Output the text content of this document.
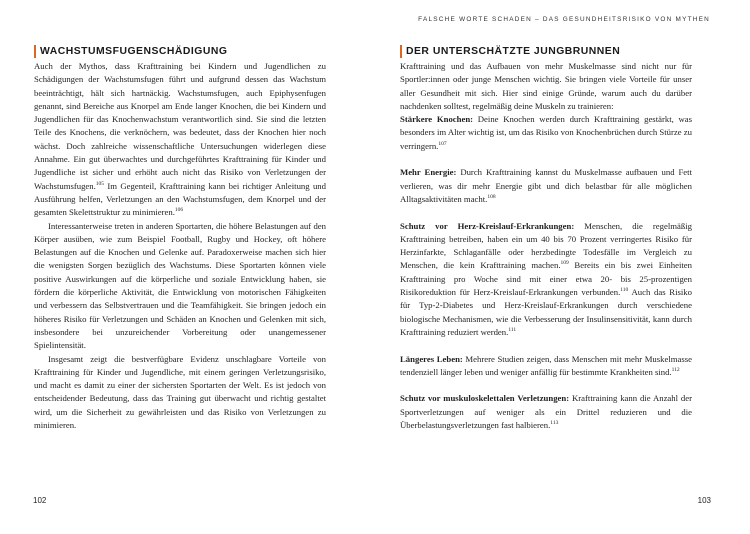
WACHSTUMSFUGENSCHÄDIGUNG

Auch der Mythos, dass Krafttraining bei Kindern und Jugendlichen zu Schädigungen der Wachstumsfugen führt und aufgrund dessen das Wachstum beeinträchtigt, hält sich hartnäckig. Wachstumsfugen, auch Epiphysenfugen genannt, sind Bereiche aus Knorpel am Ende langer Knochen, die bei Kindern und Jugendlichen für das Knochenwachstum verantwortlich sind. Sie sind die letzten Teile des Knochens, die verknöchern, was bedeutet, dass der Knochen hier noch wächst. Doch zahlreiche wissenschaftliche Untersuchungen widerlegen diese Annahme. Ein gut überwachtes und durchgeführtes Krafttraining für Kinder und Jugendliche ist sicher und erhöht auch nicht das Risiko von Verletzungen der Wachstumsfugen.$^{105}$ Im Gegenteil, Krafttraining kann bei richtiger Anleitung und Ausführung helfen, Verletzungen an den Wachstumsfugen, dem Knorpel und der gesamten Skelettstruktur zu minimieren.$^{106}$

Interessanterweise treten in anderen Sportarten, die höhere Belastungen auf den Körper ausüben, wie zum Beispiel Football, Rugby und Hockey, oft höhere Belastungen auf die Knochen und Gelenke auf. Paradoxerweise machen sich hier die wenigsten Sorgen bezüglich des Wachstums. Diese Sportarten können viele positive Auswirkungen auf die körperliche und soziale Entwicklung haben, sie fördern die körperliche Aktivität, die Entwicklung von motorischen Fähigkeiten und verbessern das Selbstvertrauen und die Teamfähigkeit. Sie bringen jedoch ein höheres Risiko für Verletzungen und Schäden an Knochen und Gelenken mit sich, insbesondere bei unzureichender Vorbereitung oder unangemessener Spielintensität.

Insgesamt zeigt die bestverfügbare Evidenz unschlagbare Vorteile von Krafttraining für Kinder und Jugendliche, mit einem geringen Verletzungsrisiko, und macht es damit zu einer der sichersten Sportarten der Welt. Es ist jedoch von entscheidender Bedeutung, dass das Training gut überwacht und richtig gestaltet wird, um die Sicherheit zu gewährleisten und das Risiko von Verletzungen zu minimieren.

102
FALSCHE WORTE SCHADEN – DAS GESUNDHEITSRISIKO VON MYTHEN
DER UNTERSCHÄTZTE JUNGBRUNNEN

Krafttraining und das Aufbauen von mehr Muskelmasse sind nicht nur für Sportler:innen oder junge Menschen wichtig. Sie bringen viele Vorteile für unser aller Gesundheit mit sich. Hier sind einige Gründe, warum auch du darüber nachdenken solltest, regelmäßig deine Muskeln zu trainieren:

Stärkere Knochen: Deine Knochen werden durch Krafttraining gestärkt, was besonders im Alter wichtig ist, um das Risiko von Knochenbrüchen durch Stürze zu verringern.$^{107}$

Mehr Energie: Durch Krafttraining kannst du Muskelmasse aufbauen und Fett verlieren, was dir mehr Energie gibt und dich belastbar für alle möglichen Alltagsaktivitäten macht.$^{108}$

Schutz vor Herz-Kreislauf-Erkrankungen: Menschen, die regelmäßig Krafttraining betreiben, haben ein um 40 bis 70 Prozent verringertes Risiko für Herzinfarkte, Schlaganfälle oder herzbedingte Todesfälle im Vergleich zu Menschen, die kein Krafttraining machen.$^{109}$ Bereits ein bis zwei Einheiten Krafttraining pro Woche sind mit einer etwa 20- bis 25-prozentigen Risikoreduktion für Herz-Kreislauf-Erkrankungen verbunden.$^{110}$ Auch das Risiko für Typ-2-Diabetes und Herz-Kreislauf-Erkrankungen durch verschiedene biologische Mechanismen, wie die Verbesserung der Insulinsensitivität, kann durch Krafttraining reduziert werden.$^{111}$

Längeres Leben: Mehrere Studien zeigen, dass Menschen mit mehr Muskelmasse tendenziell länger leben und weniger anfällig für bestimmte Krankheiten sind.$^{112}$

Schutz vor muskuloskelettalen Verletzungen: Krafttraining kann die Anzahl der Sportverletzungen auf weniger als ein Drittel reduzieren und die Überbelastungsverletzungen fast halbieren.$^{113}$

103
